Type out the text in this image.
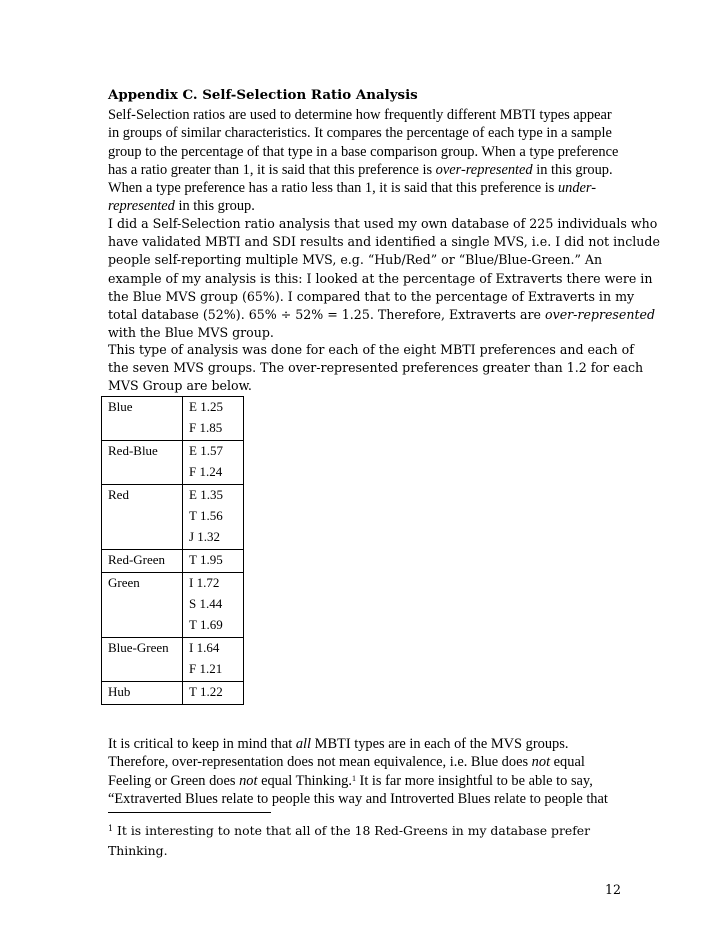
Appendix C. Self-Selection Ratio Analysis

Self-Selection ratios are used to determine how frequently different MBTI types appear
in groups of similar characteristics. It compares the percentage of each type in a sample
group to the percentage of that type in a base comparison group. When a type preference
has a ratio greater than 1, it is said that this preference is over-represented in this group.
When a type preference has a ratio less than 1, it is said that this preference is under-
represented in this group.

I did a Self-Selection ratio analysis that used my own database of 225 individuals who
have validated MBTI and SDI results and identified a single MVS, i.e. I did not include
people self-reporting multiple MVS, e.g. “Hub/Red” or “Blue/Blue-Green.” An
example of my analysis is this: I looked at the percentage of Extraverts there were in
the Blue MVS group (65%). I compared that to the percentage of Extraverts in my
total database (52%). 65% ÷ 52% = 1.25. Therefore, Extraverts are over-represented
with the Blue MVS group.

This type of analysis was done for each of the eight MBTI preferences and each of
the seven MVS groups. The over-represented preferences greater than 1.2 for each
MVS Group are below.

Blue	E 1.25
F 1.85

Red-Blue	E 1.57
F 1.24

Red	E 1.35
T 1.56
J 1.32

Red-Green	T 1.95

Green	I 1.72
S 1.44
T 1.69

Blue-Green	I 1.64
F 1.21

Hub	T 1.22

It is critical to keep in mind that all MBTI types are in each of the MVS groups.
Therefore, over-representation does not mean equivalence, i.e. Blue does not equal
Feeling or Green does not equal Thinking.$^1$ It is far more insightful to be able to say,
“Extraverted Blues relate to people this way and Introverted Blues relate to people that

$^1$ It is interesting to note that all of the 18 Red-Greens in my database prefer
Thinking.
12
